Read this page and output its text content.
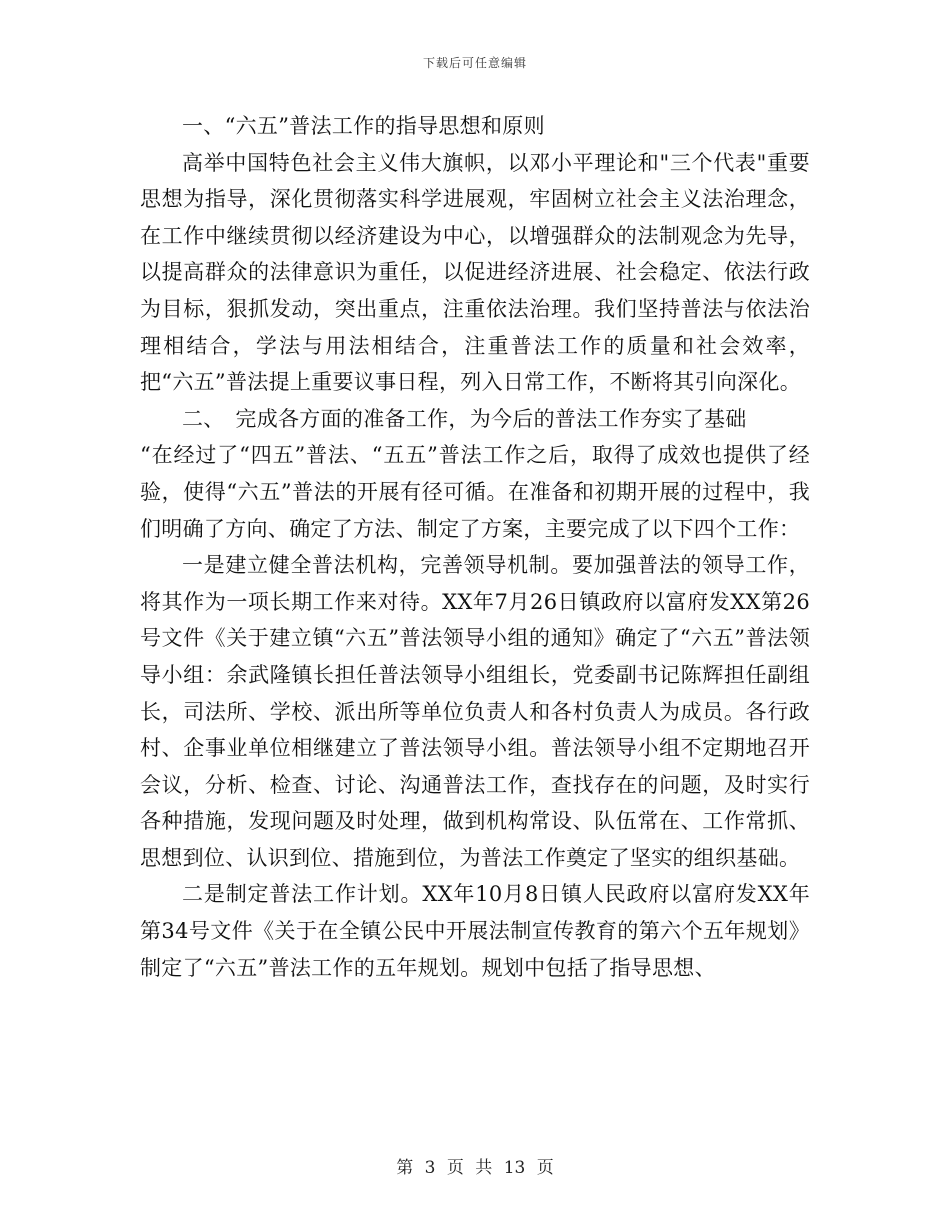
下载后可任意编辑

一、“六五”普法工作的指导思想和原则

高举中国特色社会主义伟大旗帜，以邓小平理论和"三个代表"重要思想为指导，深化贯彻落实科学进展观，牢固树立社会主义法治理念，在工作中继续贯彻以经济建设为中心，以增强群众的法制观念为先导，以提高群众的法律意识为重任，以促进经济进展、社会稳定、依法行政为目标，狠抓发动，突出重点，注重依法治理。我们坚持普法与依法治理相结合，学法与用法相结合，注重普法工作的质量和社会效率，把“六五”普法提上重要议事日程，列入日常工作，不断将其引向深化。

二、　完成各方面的准备工作，为今后的普法工作夯实了基础

“在经过了“四五”普法、“五五”普法工作之后，取得了成效也提供了经验，使得“六五”普法的开展有径可循。在准备和初期开展的过程中，我们明确了方向、确定了方法、制定了方案，主要完成了以下四个工作：

一是建立健全普法机构，完善领导机制。要加强普法的领导工作，将其作为一项长期工作来对待。XX年7月26日镇政府以富府发XX第26号文件《关于建立镇“六五”普法领导小组的通知》确定了“六五”普法领导小组：余武隆镇长担任普法领导小组组长，党委副书记陈辉担任副组长，司法所、学校、派出所等单位负责人和各村负责人为成员。各行政村、企事业单位相继建立了普法领导小组。普法领导小组不定期地召开会议，分析、检查、讨论、沟通普法工作，查找存在的问题，及时实行各种措施，发现问题及时处理，做到机构常设、队伍常在、工作常抓、思想到位、认识到位、措施到位，为普法工作奠定了坚实的组织基础。

二是制定普法工作计划。XX年10月8日镇人民政府以富府发XX年第34号文件《关于在全镇公民中开展法制宣传教育的第六个五年规划》制定了“六五”普法工作的五年规划。规划中包括了指导思想、

第 3 页 共 13 页
